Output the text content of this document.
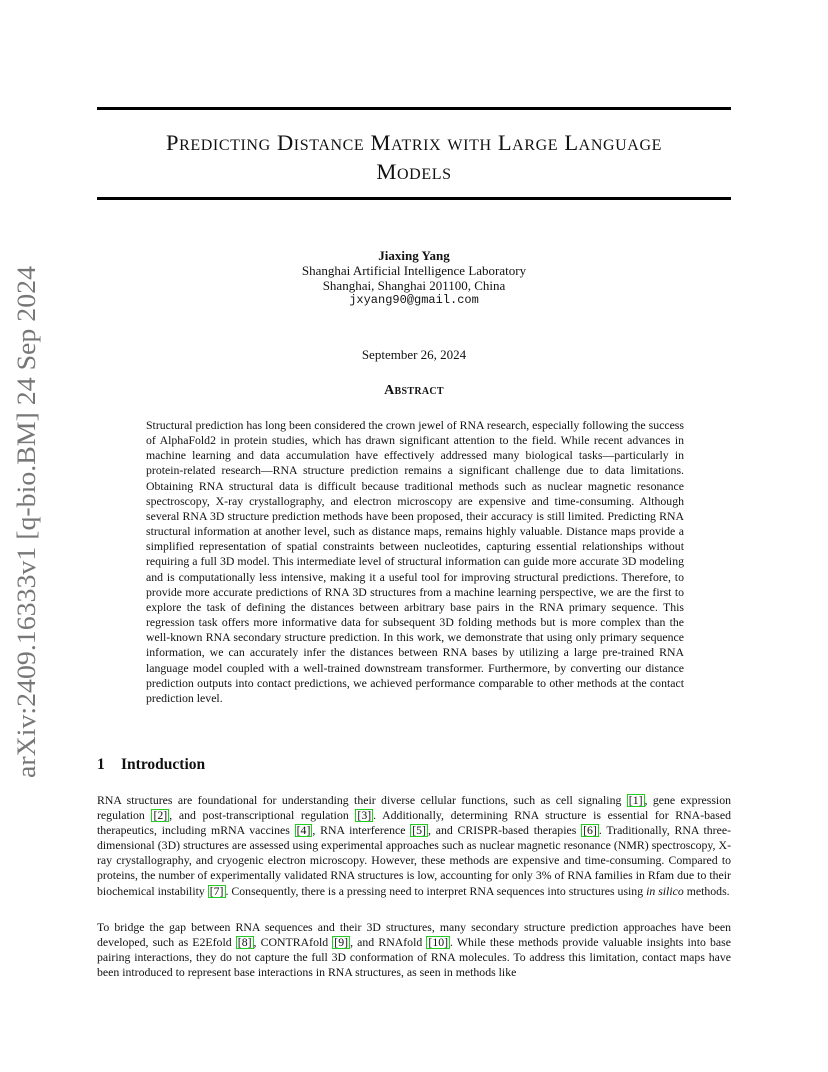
arXiv:2409.16333v1 [q-bio.BM] 24 Sep 2024
Predicting Distance Matrix with Large Language
Models
Jiaxing Yang
Shanghai Artificial Intelligence Laboratory
Shanghai, Shanghai 201100, China
jxyang90@gmail.com
September 26, 2024
Abstract
Structural prediction has long been considered the crown jewel of RNA research, especially following the success of AlphaFold2 in protein studies, which has drawn significant attention to the field. While recent advances in machine learning and data accumulation have effectively addressed many biological tasks—particularly in protein-related research—RNA structure prediction remains a significant challenge due to data limitations. Obtaining RNA structural data is difficult because traditional methods such as nuclear magnetic resonance spectroscopy, X-ray crystallography, and electron microscopy are expensive and time-consuming. Although several RNA 3D structure prediction methods have been proposed, their accuracy is still limited. Predicting RNA structural information at another level, such as distance maps, remains highly valuable. Distance maps provide a simplified representation of spatial constraints between nucleotides, capturing essential relationships without requiring a full 3D model. This intermediate level of structural information can guide more accurate 3D modeling and is computationally less intensive, making it a useful tool for improving structural predictions. Therefore, to provide more accurate predictions of RNA 3D structures from a machine learning perspective, we are the first to explore the task of defining the distances between arbitrary base pairs in the RNA primary sequence. This regression task offers more informative data for subsequent 3D folding methods but is more complex than the well-known RNA secondary structure prediction. In this work, we demonstrate that using only primary sequence information, we can accurately infer the distances between RNA bases by utilizing a large pre-trained RNA language model coupled with a well-trained downstream transformer. Furthermore, by converting our distance prediction outputs into contact predictions, we achieved performance comparable to other methods at the contact prediction level.
1 Introduction
RNA structures are foundational for understanding their diverse cellular functions, such as cell signaling [1] , gene expression regulation [2] , and post-transcriptional regulation [3] . Additionally, determining RNA structure is essential for RNA-based therapeutics, including mRNA vaccines [4] , RNA interference [5] , and CRISPR-based therapies [6] . Traditionally, RNA three-dimensional (3D) structures are assessed using experimental approaches such as nuclear magnetic resonance (NMR) spectroscopy, X-ray crystallography, and cryogenic electron microscopy. However, these methods are expensive and time-consuming. Compared to proteins, the number of experimentally validated RNA structures is low, accounting for only 3% of RNA families in Rfam due to their biochemical instability [7] . Consequently, there is a pressing need to interpret RNA sequences into structures using in silico methods.
To bridge the gap between RNA sequences and their 3D structures, many secondary structure prediction approaches have been developed, such as E2Efold [8] , CONTRAfold [9] , and RNAfold [10] . While these methods provide valuable insights into base pairing interactions, they do not capture the full 3D conformation of RNA molecules. To address this limitation, contact maps have been introduced to represent base interactions in RNA structures, as seen in methods like
